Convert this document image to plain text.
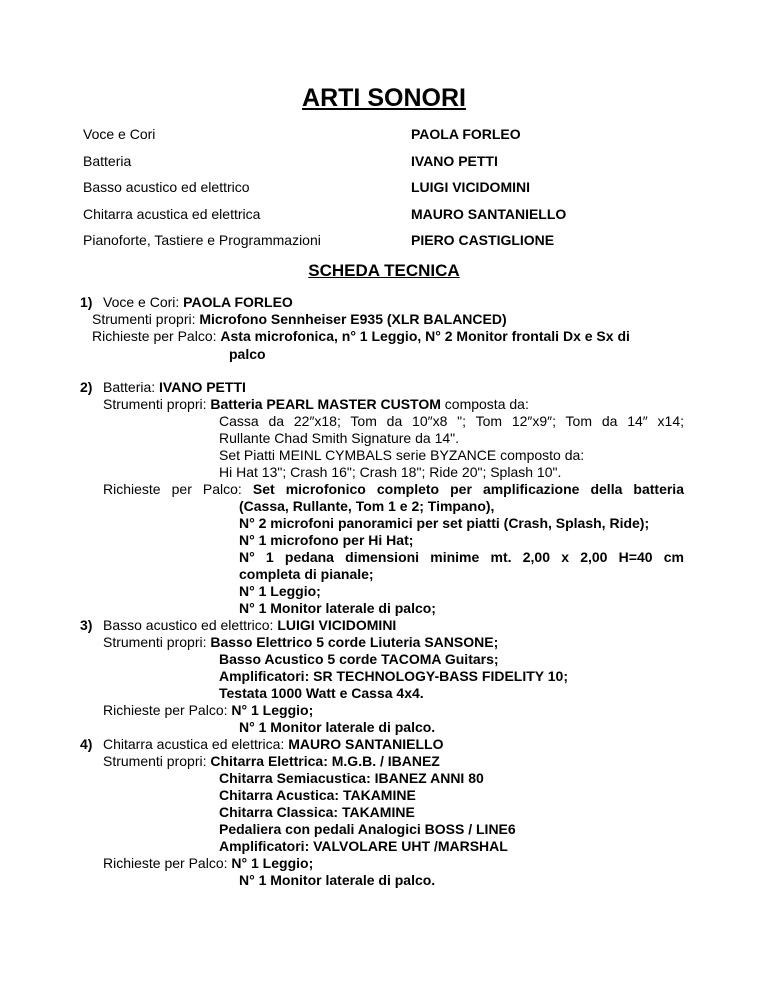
ARTI SONORI
Voce e Cori	PAOLA FORLEO
Batteria	IVANO PETTI
Basso acustico ed elettrico	LUIGI VICIDOMINI
Chitarra acustica ed elettrica	MAURO SANTANIELLO
Pianoforte, Tastiere e Programmazioni	PIERO CASTIGLIONE
SCHEDA TECNICA
1) Voce e Cori: PAOLA FORLEO
Strumenti propri: Microfono Sennheiser E935 (XLR BALANCED)
Richieste per Palco: Asta microfonica, n° 1 Leggio, N° 2 Monitor frontali Dx e Sx di
palco
2) Batteria: IVANO PETTI
Strumenti propri: Batteria PEARL MASTER CUSTOM composta da:
Cassa da 22″x18; Tom da 10″x8 "; Tom 12″x9″; Tom da 14″ x14;
Rullante Chad Smith Signature da 14".
Set Piatti MEINL CYMBALS serie BYZANCE composto da:
Hi Hat 13"; Crash 16"; Crash 18"; Ride 20"; Splash 10".
Richieste per Palco: Set microfonico completo per amplificazione della batteria
(Cassa, Rullante, Tom 1 e 2; Timpano),
N° 2 microfoni panoramici per set piatti (Crash, Splash, Ride);
N° 1 microfono per Hi Hat;
N° 1 pedana dimensioni minime mt. 2,00 x 2,00 H=40 cm
completa di pianale;
N° 1 Leggio;
N° 1 Monitor laterale di palco;
3) Basso acustico ed elettrico: LUIGI VICIDOMINI
Strumenti propri: Basso Elettrico 5 corde Liuteria SANSONE;
Basso Acustico 5 corde TACOMA Guitars;
Amplificatori: SR TECHNOLOGY-BASS FIDELITY 10;
Testata 1000 Watt e Cassa 4x4.
Richieste per Palco: N° 1 Leggio;
N° 1 Monitor laterale di palco.
4) Chitarra acustica ed elettrica: MAURO SANTANIELLO
Strumenti propri: Chitarra Elettrica: M.G.B. / IBANEZ
Chitarra Semiacustica: IBANEZ ANNI 80
Chitarra Acustica: TAKAMINE
Chitarra Classica: TAKAMINE
Pedaliera con pedali Analogici BOSS / LINE6
Amplificatori: VALVOLARE UHT /MARSHAL
Richieste per Palco: N° 1 Leggio;
N° 1 Monitor laterale di palco.
